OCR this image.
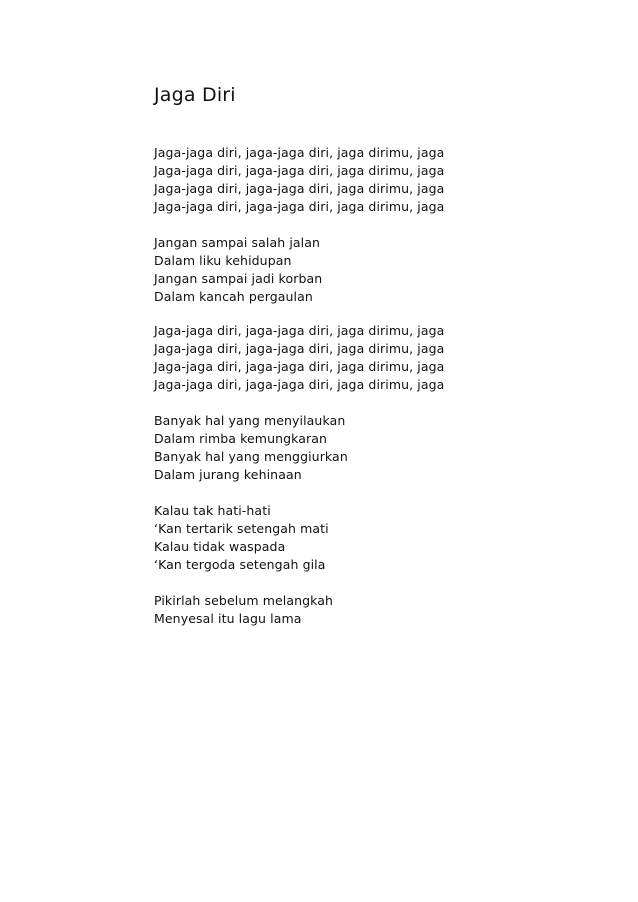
Jaga Diri
Jaga-jaga diri, jaga-jaga diri, jaga dirimu, jaga
Jaga-jaga diri, jaga-jaga diri, jaga dirimu, jaga
Jaga-jaga diri, jaga-jaga diri, jaga dirimu, jaga
Jaga-jaga diri, jaga-jaga diri, jaga dirimu, jaga
Jangan sampai salah jalan
Dalam liku kehidupan
Jangan sampai jadi korban
Dalam kancah pergaulan
Jaga-jaga diri, jaga-jaga diri, jaga dirimu, jaga
Jaga-jaga diri, jaga-jaga diri, jaga dirimu, jaga
Jaga-jaga diri, jaga-jaga diri, jaga dirimu, jaga
Jaga-jaga diri, jaga-jaga diri, jaga dirimu, jaga
Banyak hal yang menyilaukan
Dalam rimba kemungkaran
Banyak hal yang menggiurkan
Dalam jurang kehinaan
Kalau tak hati-hati
‘Kan tertarik setengah mati
Kalau tidak waspada
‘Kan tergoda setengah gila
Pikirlah sebelum melangkah
Menyesal itu lagu lama
